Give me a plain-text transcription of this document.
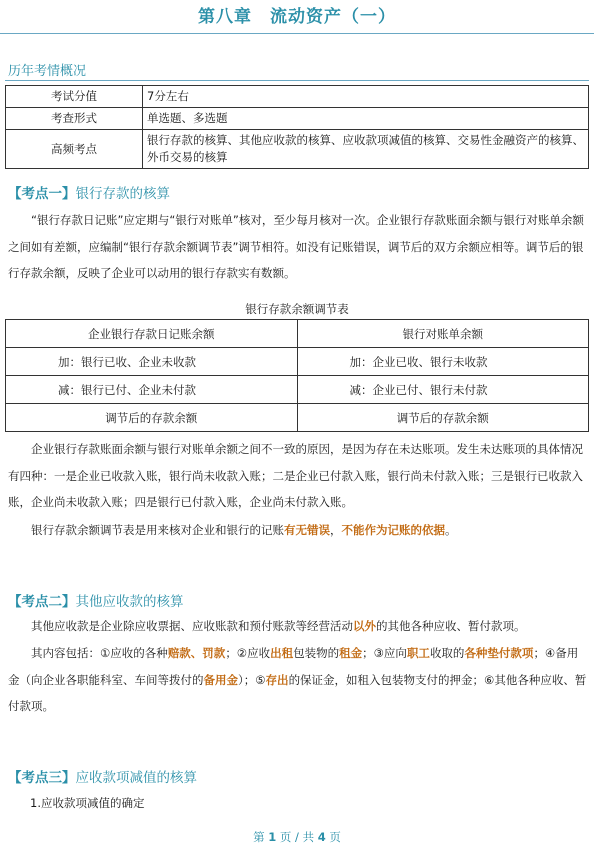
第八章 流动资产（一）
历年考情概况
考试分值	7分左右
考查形式	单选题、多选题
高频考点	银行存款的核算、其他应收款的核算、应收款项减值的核算、交易性金融资产的核算、外币交易的核算
【考点一】银行存款的核算

“银行存款日记账”应定期与“银行对账单”核对，至少每月核对一次。企业银行存款账面余额与银行对账单余额之间如有差额，应编制“银行存款余额调节表”调节相符。如没有记账错误，调节后的双方余额应相等。调节后的银行存款余额，反映了企业可以动用的银行存款实有数额。

银行存款余额调节表
企业银行存款日记账余额	银行对账单余额
加：银行已收、企业未收款	加：企业已收、银行未收款
减：银行已付、企业未付款	减：企业已付、银行未付款
调节后的存款余额	调节后的存款余额

企业银行存款账面余额与银行对账单余额之间不一致的原因，是因为存在未达账项。发生未达账项的具体情况有四种：一是企业已收款入账，银行尚未收款入账；二是企业已付款入账，银行尚未付款入账；三是银行已收款入账，企业尚未收款入账；四是银行已付款入账，企业尚未付款入账。

银行存款余额调节表是用来核对企业和银行的记账有无错误，不能作为记账的依据。

【考点二】其他应收款的核算

其他应收款是企业除应收票据、应收账款和预付账款等经营活动以外的其他各种应收、暂付款项。

其内容包括：①应收的各种赔款、罚款；②应收出租包装物的租金；③应向职工收取的各种垫付款项；④备用金（向企业各职能科室、车间等拨付的备用金）；⑤存出的保证金，如租入包装物支付的押金；⑥其他各种应收、暂付款项。

【考点三】应收款项减值的核算
1.应收款项减值的确定
第 1 页 / 共 4 页
